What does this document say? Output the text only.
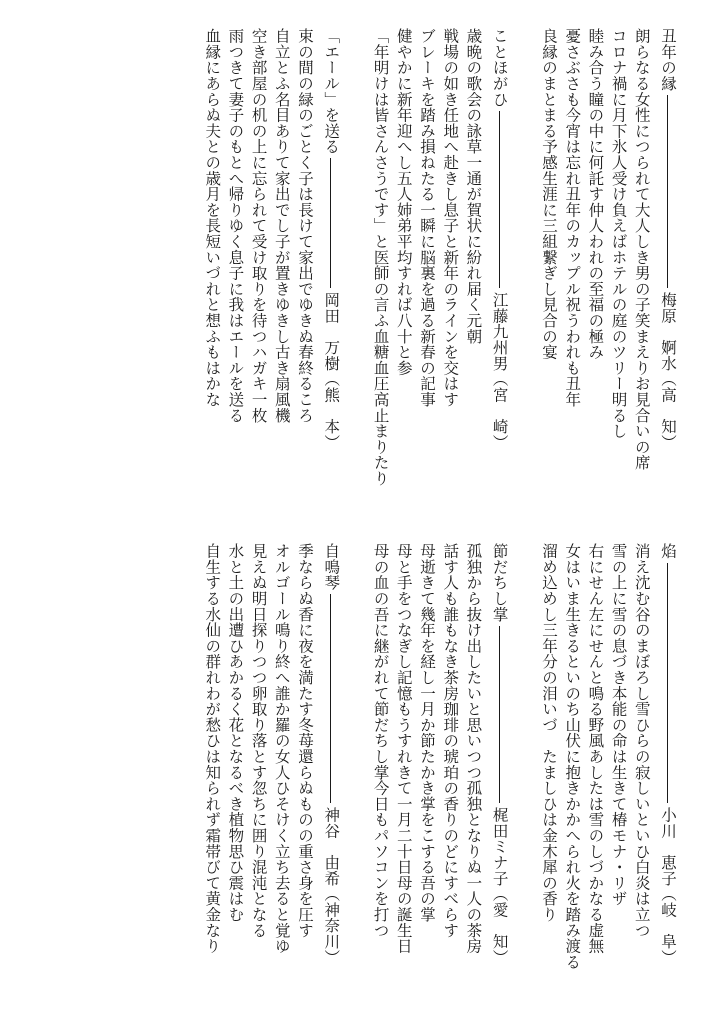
丑年の縁梅原　婀水（高　知）
朗らなる女性につられて大人しき男の子笑まえりお見合いの席
コロナ禍に月下氷人受け負えばホテルの庭のツリー明るし
睦み合う瞳の中に何託す仲人われの至福の極み
憂さぶさも今宵は忘れ丑年のカップル祝うわれも丑年
良縁のまとまる予感生涯に三組繋ぎし見合の宴
ことほがひ江藤九州男（宮　崎）
歳晩の歌会の詠草一通が賀状に紛れ届く元朝
戦場の如き任地へ赴きし息子と新年のラインを交はす
ブレーキを踏み損ねたる一瞬に脳裏を過る新春の記事
健やかに新年迎へし五人姉弟平均すれば八十と参
「年明けは皆さんさうです」と医師の言ふ血糖血圧高止まりたり
「エール」を送る岡田　万樹（熊　本）
束の間の緑のごとく子は長けて家出でゆきぬ春終るころ
自立とふ名目ありて家出でし子が置きゆきし古き扇風機
空き部屋の机の上に忘られて受け取りを待つハガキ一枚
雨つきて妻子のもとへ帰りゆく息子に我はエールを送る
血縁にあらぬ夫との歳月を長短いづれと想ふもはかな
焰小川　恵子（岐　阜）
消え沈む谷のまぼろし雪ひらの寂しいといひ白炎は立つ
雪の上に雪の息づき本能の命は生きて椿モナ・リザ
右にせん左にせんと鳴る野風あしたは雪のしづかなる虚無
女はいま生きるといのち山伏に抱きかかへられ火を踏み渡る
溜め込めし三年分の泪いづ　たましひは金木犀の香り
節だちし掌梶田ミナ子（愛　知）
孤独から抜け出したいと思いつつ孤独となりぬ一人の茶房
話す人も誰もなき茶房珈琲の琥珀の香りのどにすべらす
母逝きて幾年を経し一月か節たかき掌をこする吾の掌
母と手をつなぎし記憶もうすれきて一月二十日母の誕生日
母の血の吾に継がれて節だちし掌今日もパソコンを打つ
自鳴琴神谷　由希（神奈川）
季ならぬ香に夜を満たす冬苺還らぬものの重さ身を圧す
オルゴール鳴り終へ誰か羅の女人ひそけく立ち去ると覚ゆ
見えぬ明日探りつつ卵取り落とす忽ちに囲り混沌となる
水と土の出遭ひあかるく花となるべき植物思ひ震はむ
自生する水仙の群れわが愁ひは知られず霜帯びて黄金なり
